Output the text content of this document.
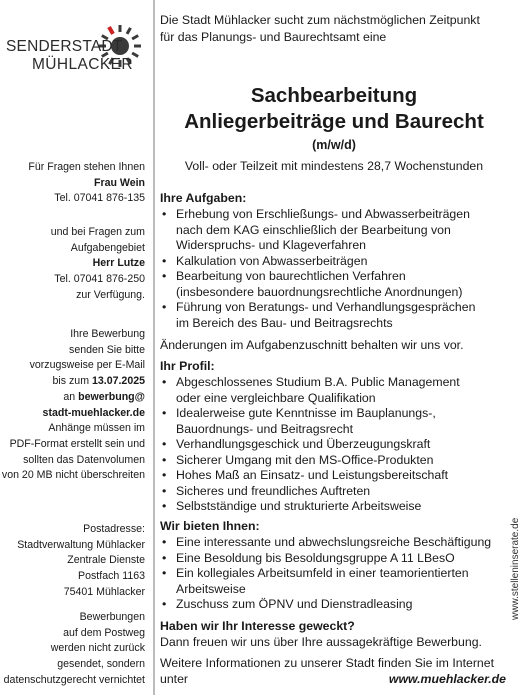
SENDERSTADT
MÜHLACKER
Für Fragen stehen Ihnen
Frau Wein
Tel. 07041 876-135
und bei Fragen zum
Aufgabengebiet
Herr Lutze
Tel. 07041 876-250
zur Verfügung.
Ihre Bewerbung
senden Sie bitte
vorzugsweise per E-Mail
bis zum 13.07.2025
an bewerbung@
stadt-muehlacker.de
Anhänge müssen im
PDF-Format erstellt sein und
sollten das Datenvolumen
von 20 MB nicht überschreiten
Postadresse:
Stadtverwaltung Mühlacker
Zentrale Dienste
Postfach 1163
75401 Mühlacker
Bewerbungen
auf dem Postweg
werden nicht zurück
gesendet, sondern
datenschutzgerecht vernichtet
Die Stadt Mühlacker sucht zum nächstmöglichen Zeitpunkt
für das Planungs- und Baurechtsamt eine
Sachbearbeitung
Anliegerbeiträge und Baurecht
(m/w/d)
Voll- oder Teilzeit mit mindestens 28,7 Wochenstunden
Ihre Aufgaben:
• Erhebung von Erschließungs- und Abwasserbeiträgen
nach dem KAG einschließlich der Bearbeitung von
Widerspruchs- und Klageverfahren
• Kalkulation von Abwasserbeiträgen
• Bearbeitung von baurechtlichen Verfahren
(insbesondere bauordnungsrechtliche Anordnungen)
• Führung von Beratungs- und Verhandlungsgesprächen
im Bereich des Bau- und Beitragsrechts
Änderungen im Aufgabenzuschnitt behalten wir uns vor.
Ihr Profil:
• Abgeschlossenes Studium B.A. Public Management
oder eine vergleichbare Qualifikation
• Idealerweise gute Kenntnisse im Bauplanungs-,
Bauordnungs- und Beitragsrecht
• Verhandlungsgeschick und Überzeugungskraft
• Sicherer Umgang mit den MS-Office-Produkten
• Hohes Maß an Einsatz- und Leistungsbereitschaft
• Sicheres und freundliches Auftreten
• Selbstständige und strukturierte Arbeitsweise
Wir bieten Ihnen:
• Eine interessante und abwechslungsreiche Beschäftigung
• Eine Besoldung bis Besoldungsgruppe A 11 LBesO
• Ein kollegiales Arbeitsumfeld in einer teamorientierten
Arbeitsweise
• Zuschuss zum ÖPNV und Dienstradleasing
Haben wir Ihr Interesse geweckt?
Dann freuen wir uns über Ihre aussagekräftige Bewerbung.
Weitere Informationen zu unserer Stadt finden Sie im Internet
unter	www.muehlacker.de
www.stelleninserate.de
